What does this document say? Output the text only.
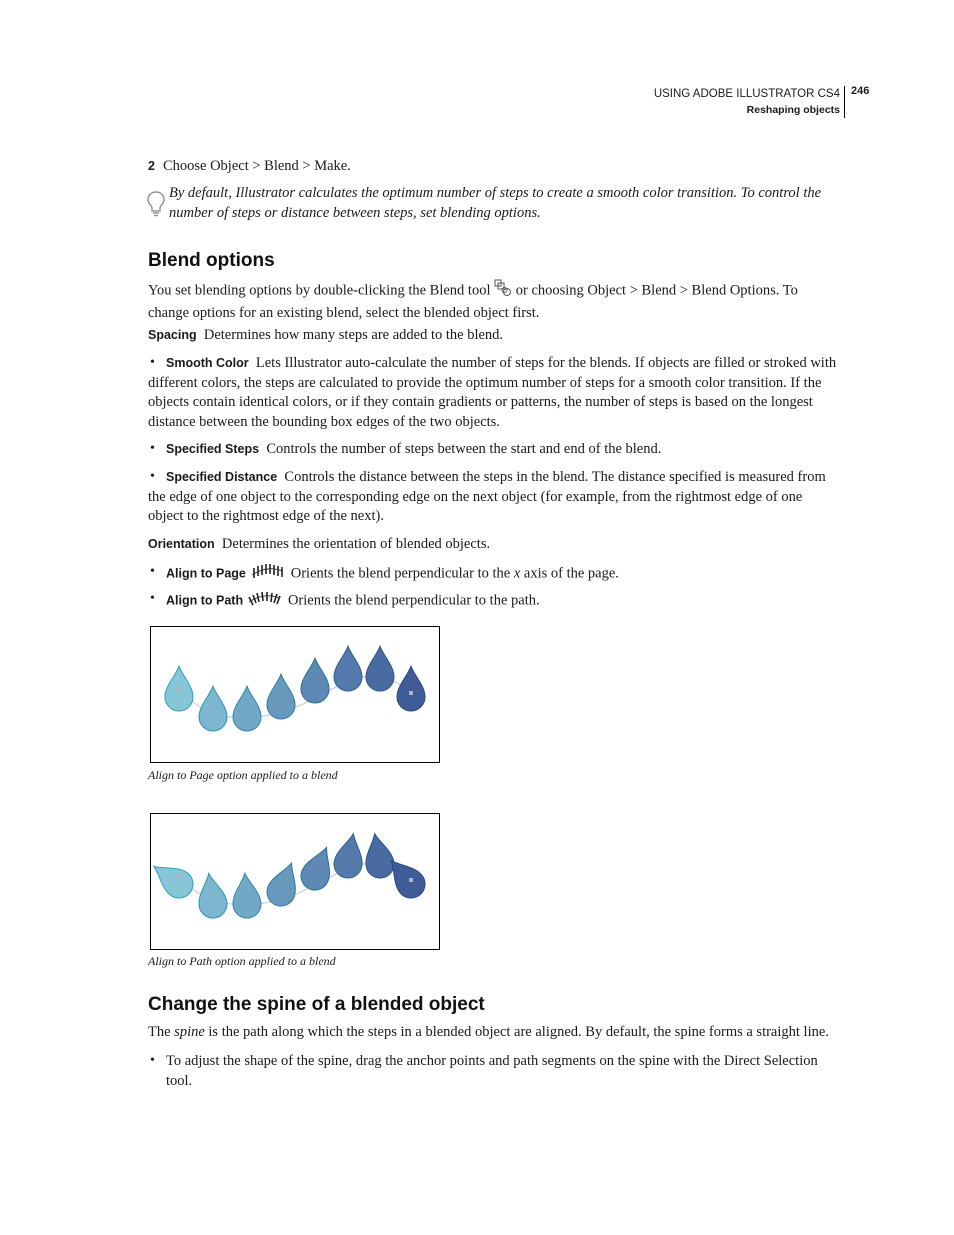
USING ADOBE ILLUSTRATOR CS4
Reshaping objects
246
2 Choose Object > Blend > Make.
By default, Illustrator calculates the optimum number of steps to create a smooth color transition. To control the number of steps or distance between steps, set blending options.
Blend options
You set blending options by double-clicking the Blend tool or choosing Object > Blend > Blend Options. To change options for an existing blend, select the blended object first.
Spacing Determines how many steps are added to the blend.
• Smooth Color Lets Illustrator auto-calculate the number of steps for the blends. If objects are filled or stroked with different colors, the steps are calculated to provide the optimum number of steps for a smooth color transition. If the objects contain identical colors, or if they contain gradients or patterns, the number of steps is based on the longest distance between the bounding box edges of the two objects.
• Specified Steps Controls the number of steps between the start and end of the blend.
• Specified Distance Controls the distance between the steps in the blend. The distance specified is measured from the edge of one object to the corresponding edge on the next object (for example, from the rightmost edge of one object to the rightmost edge of the next).
Orientation Determines the orientation of blended objects.
• Align to Page	Orients the blend perpendicular to the x axis of the page.
• Align to Path	Orients the blend perpendicular to the path.
Align to Page option applied to a blend
Align to Path option applied to a blend
Change the spine of a blended object
The spine is the path along which the steps in a blended object are aligned. By default, the spine forms a straight line.
• To adjust the shape of the spine, drag the anchor points and path segments on the spine with the Direct Selection tool.
